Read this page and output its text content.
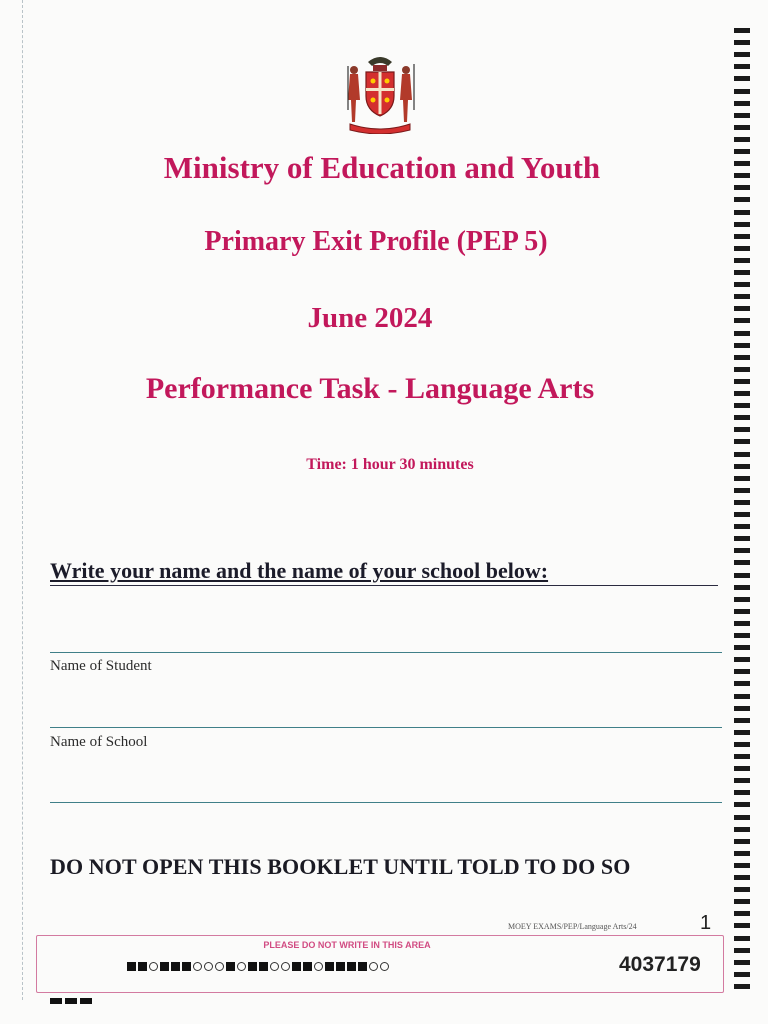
Ministry of Education and Youth
Primary Exit Profile (PEP 5)
June 2024
Performance Task - Language Arts
Time: 1 hour 30 minutes
Write your name and the name of your school below:
Name of Student
Name of School
DO NOT OPEN THIS BOOKLET UNTIL TOLD TO DO SO
MOEY EXAMS/PEP/Language Arts/24	1
PLEASE DO NOT WRITE IN THIS AREA
4037179
